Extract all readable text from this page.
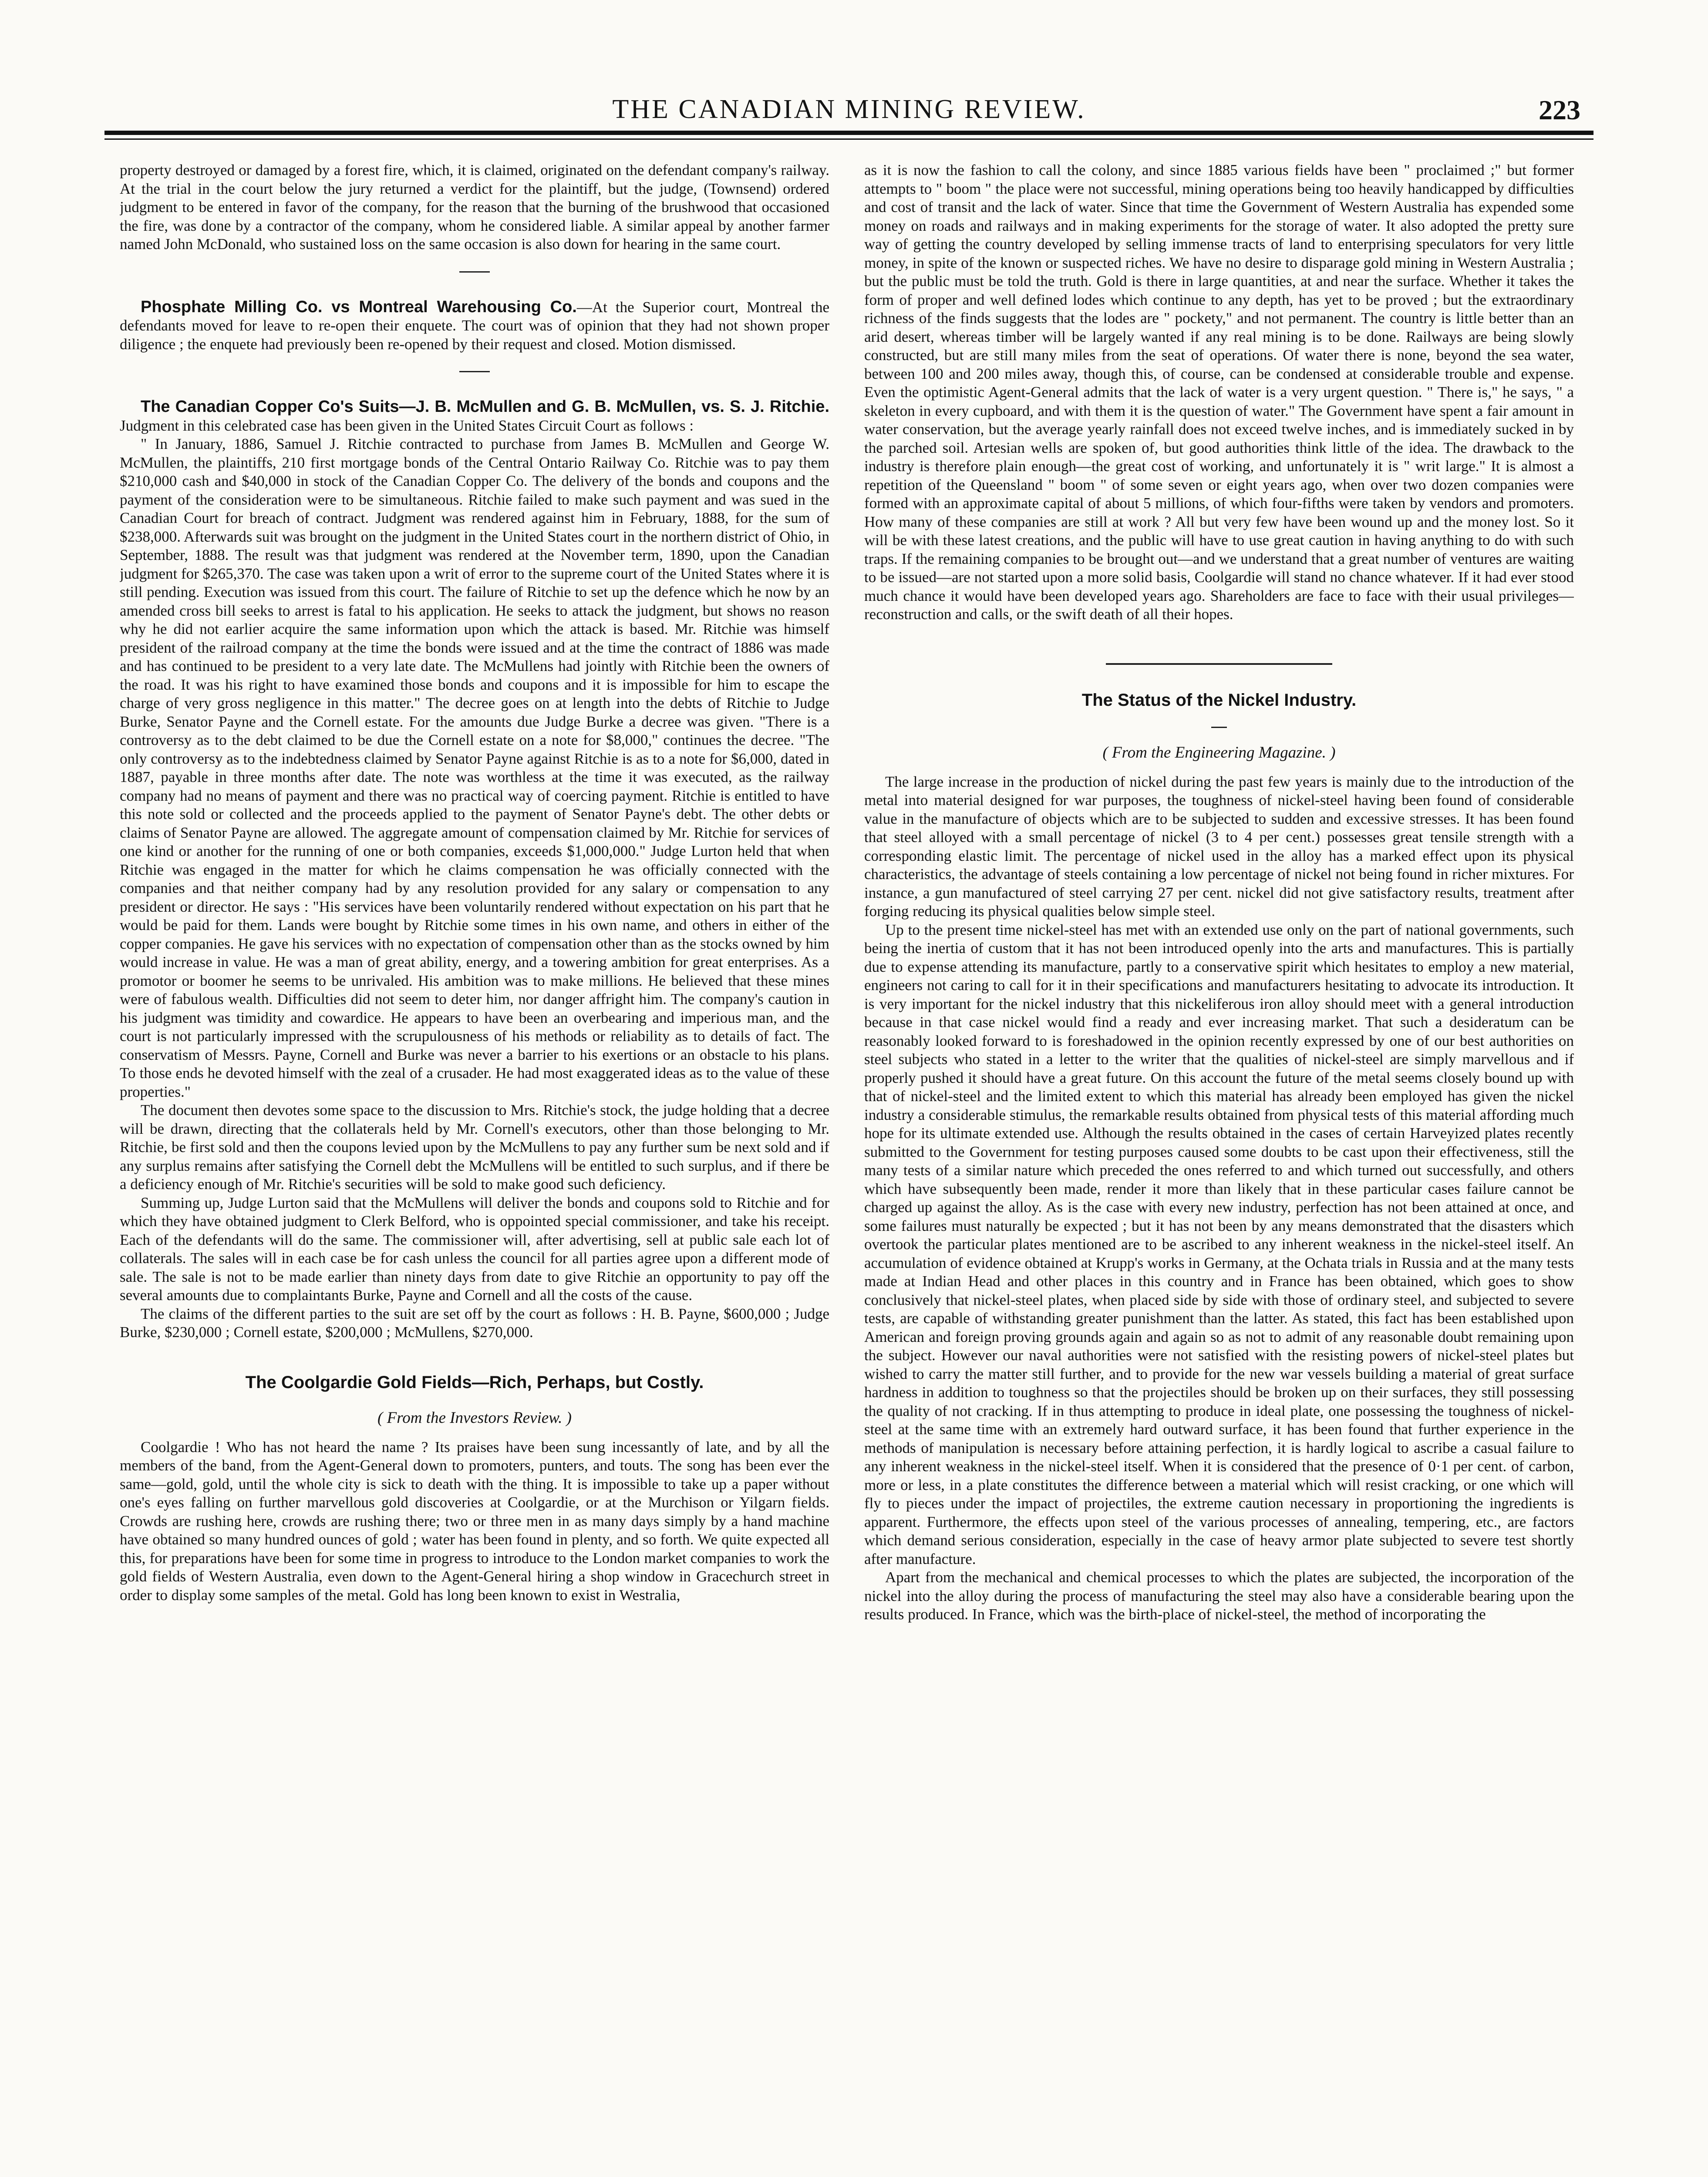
THE CANADIAN MINING REVIEW.	223

property destroyed or damaged by a forest fire, which, it is claimed, originated on the defendant company's railway. At the trial in the court below the jury returned a verdict for the plaintiff, but the judge, (Townsend) ordered judgment to be entered in favor of the company, for the reason that the burning of the brushwood that occasioned the fire, was done by a contractor of the company, whom he considered liable. A similar appeal by another farmer named John McDonald, who sustained loss on the same occasion is also down for hearing in the same court.

Phosphate Milling Co. vs Montreal Warehousing Co.—At the Superior court, Montreal the defendants moved for leave to re-open their enquete. The court was of opinion that they had not shown proper diligence ; the enquete had previously been re-opened by their request and closed. Motion dismissed.

The Canadian Copper Co's Suits—J. B. McMullen and G. B. McMullen, vs. S. J. Ritchie. Judgment in this celebrated case has been given in the United States Circuit Court as follows :

" In January, 1886, Samuel J. Ritchie contracted to purchase from James B. McMullen and George W. McMullen, the plaintiffs, 210 first mortgage bonds of the Central Ontario Railway Co. Ritchie was to pay them $210,000 cash and $40,000 in stock of the Canadian Copper Co. The delivery of the bonds and coupons and the payment of the consideration were to be simultaneous. Ritchie failed to make such payment and was sued in the Canadian Court for breach of contract. Judgment was rendered against him in February, 1888, for the sum of $238,000. Afterwards suit was brought on the judgment in the United States court in the northern district of Ohio, in September, 1888. The result was that judgment was rendered at the November term, 1890, upon the Canadian judgment for $265,370. The case was taken upon a writ of error to the supreme court of the United States where it is still pending. Execution was issued from this court. The failure of Ritchie to set up the defence which he now by an amended cross bill seeks to arrest is fatal to his application. He seeks to attack the judgment, but shows no reason why he did not earlier acquire the same information upon which the attack is based. Mr. Ritchie was himself president of the railroad company at the time the bonds were issued and at the time the contract of 1886 was made and has continued to be president to a very late date. The McMullens had jointly with Ritchie been the owners of the road. It was his right to have examined those bonds and coupons and it is impossible for him to escape the charge of very gross negligence in this matter." The decree goes on at length into the debts of Ritchie to Judge Burke, Senator Payne and the Cornell estate. For the amounts due Judge Burke a decree was given. "There is a controversy as to the debt claimed to be due the Cornell estate on a note for $8,000," continues the decree. "The only controversy as to the indebtedness claimed by Senator Payne against Ritchie is as to a note for $6,000, dated in 1887, payable in three months after date. The note was worthless at the time it was executed, as the railway company had no means of payment and there was no practical way of coercing payment. Ritchie is entitled to have this note sold or collected and the proceeds applied to the payment of Senator Payne's debt. The other debts or claims of Senator Payne are allowed. The aggregate amount of compensation claimed by Mr. Ritchie for services of one kind or another for the running of one or both companies, exceeds $1,000,000." Judge Lurton held that when Ritchie was engaged in the matter for which he claims compensation he was officially connected with the companies and that neither company had by any resolution provided for any salary or compensation to any president or director. He says : "His services have been voluntarily rendered without expectation on his part that he would be paid for them. Lands were bought by Ritchie some times in his own name, and others in either of the copper companies. He gave his services with no expectation of compensation other than as the stocks owned by him would increase in value. He was a man of great ability, energy, and a towering ambition for great enterprises. As a promotor or boomer he seems to be unrivaled. His ambition was to make millions. He believed that these mines were of fabulous wealth. Difficulties did not seem to deter him, nor danger affright him. The company's caution in his judgment was timidity and cowardice. He appears to have been an overbearing and imperious man, and the court is not particularly impressed with the scrupulousness of his methods or reliability as to details of fact. The conservatism of Messrs. Payne, Cornell and Burke was never a barrier to his exertions or an obstacle to his plans. To those ends he devoted himself with the zeal of a crusader. He had most exaggerated ideas as to the value of these properties."

The document then devotes some space to the discussion to Mrs. Ritchie's stock, the judge holding that a decree will be drawn, directing that the collaterals held by Mr. Cornell's executors, other than those belonging to Mr. Ritchie, be first sold and then the coupons levied upon by the McMullens to pay any further sum be next sold and if any surplus remains after satisfying the Cornell debt the McMullens will be entitled to such surplus, and if there be a deficiency enough of Mr. Ritchie's securities will be sold to make good such deficiency.

Summing up, Judge Lurton said that the McMullens will deliver the bonds and coupons sold to Ritchie and for which they have obtained judgment to Clerk Belford, who is oppointed special commissioner, and take his receipt. Each of the defendants will do the same. The commissioner will, after advertising, sell at public sale each lot of collaterals. The sales will in each case be for cash unless the council for all parties agree upon a different mode of sale. The sale is not to be made earlier than ninety days from date to give Ritchie an opportunity to pay off the several amounts due to complaintants Burke, Payne and Cornell and all the costs of the cause.

The claims of the different parties to the suit are set off by the court as follows : H. B. Payne, $600,000 ; Judge Burke, $230,000 ; Cornell estate, $200,000 ; McMullens, $270,000.

The Coolgardie Gold Fields—Rich, Perhaps, but Costly.
( From the Investors Review. )

Coolgardie ! Who has not heard the name ? Its praises have been sung incessantly of late, and by all the members of the band, from the Agent-General down to promoters, punters, and touts. The song has been ever the same—gold, gold, until the whole city is sick to death with the thing. It is impossible to take up a paper without one's eyes falling on further marvellous gold discoveries at Coolgardie, or at the Murchison or Yilgarn fields. Crowds are rushing here, crowds are rushing there; two or three men in as many days simply by a hand machine have obtained so many hundred ounces of gold ; water has been found in plenty, and so forth. We quite expected all this, for preparations have been for some time in progress to introduce to the London market companies to work the gold fields of Western Australia, even down to the Agent-General hiring a shop window in Gracechurch street in order to display some samples of the metal. Gold has long been known to exist in Westralia,

as it is now the fashion to call the colony, and since 1885 various fields have been " proclaimed ;" but former attempts to " boom " the place were not successful, mining operations being too heavily handicapped by difficulties and cost of transit and the lack of water. Since that time the Government of Western Australia has expended some money on roads and railways and in making experiments for the storage of water. It also adopted the pretty sure way of getting the country developed by selling immense tracts of land to enterprising speculators for very little money, in spite of the known or suspected riches. We have no desire to disparage gold mining in Western Australia ; but the public must be told the truth. Gold is there in large quantities, at and near the surface. Whether it takes the form of proper and well defined lodes which continue to any depth, has yet to be proved ; but the extraordinary richness of the finds suggests that the lodes are " pockety," and not permanent. The country is little better than an arid desert, whereas timber will be largely wanted if any real mining is to be done. Railways are being slowly constructed, but are still many miles from the seat of operations. Of water there is none, beyond the sea water, between 100 and 200 miles away, though this, of course, can be condensed at considerable trouble and expense. Even the optimistic Agent-General admits that the lack of water is a very urgent question. " There is," he says, " a skeleton in every cupboard, and with them it is the question of water." The Government have spent a fair amount in water conservation, but the average yearly rainfall does not exceed twelve inches, and is immediately sucked in by the parched soil. Artesian wells are spoken of, but good authorities think little of the idea. The drawback to the industry is therefore plain enough—the great cost of working, and unfortunately it is " writ large." It is almost a repetition of the Queensland " boom " of some seven or eight years ago, when over two dozen companies were formed with an approximate capital of about 5 millions, of which four-fifths were taken by vendors and promoters. How many of these companies are still at work ? All but very few have been wound up and the money lost. So it will be with these latest creations, and the public will have to use great caution in having anything to do with such traps. If the remaining companies to be brought out—and we understand that a great number of ventures are waiting to be issued—are not started upon a more solid basis, Coolgardie will stand no chance whatever. If it had ever stood much chance it would have been developed years ago. Shareholders are face to face with their usual privileges—reconstruction and calls, or the swift death of all their hopes.

The Status of the Nickel Industry.
( From the Engineering Magazine. )

The large increase in the production of nickel during the past few years is mainly due to the introduction of the metal into material designed for war purposes, the toughness of nickel-steel having been found of considerable value in the manufacture of objects which are to be subjected to sudden and excessive stresses. It has been found that steel alloyed with a small percentage of nickel (3 to 4 per cent.) possesses great tensile strength with a corresponding elastic limit. The percentage of nickel used in the alloy has a marked effect upon its physical characteristics, the advantage of steels containing a low percentage of nickel not being found in richer mixtures. For instance, a gun manufactured of steel carrying 27 per cent. nickel did not give satisfactory results, treatment after forging reducing its physical qualities below simple steel.

Up to the present time nickel-steel has met with an extended use only on the part of national governments, such being the inertia of custom that it has not been introduced openly into the arts and manufactures. This is partially due to expense attending its manufacture, partly to a conservative spirit which hesitates to employ a new material, engineers not caring to call for it in their specifications and manufacturers hesitating to advocate its introduction. It is very important for the nickel industry that this nickeliferous iron alloy should meet with a general introduction because in that case nickel would find a ready and ever increasing market. That such a desideratum can be reasonably looked forward to is foreshadowed in the opinion recently expressed by one of our best authorities on steel subjects who stated in a letter to the writer that the qualities of nickel-steel are simply marvellous and if properly pushed it should have a great future. On this account the future of the metal seems closely bound up with that of nickel-steel and the limited extent to which this material has already been employed has given the nickel industry a considerable stimulus, the remarkable results obtained from physical tests of this material affording much hope for its ultimate extended use. Although the results obtained in the cases of certain Harveyized plates recently submitted to the Government for testing purposes caused some doubts to be cast upon their effectiveness, still the many tests of a similar nature which preceded the ones referred to and which turned out successfully, and others which have subsequently been made, render it more than likely that in these particular cases failure cannot be charged up against the alloy. As is the case with every new industry, perfection has not been attained at once, and some failures must naturally be expected ; but it has not been by any means demonstrated that the disasters which overtook the particular plates mentioned are to be ascribed to any inherent weakness in the nickel-steel itself. An accumulation of evidence obtained at Krupp's works in Germany, at the Ochata trials in Russia and at the many tests made at Indian Head and other places in this country and in France has been obtained, which goes to show conclusively that nickel-steel plates, when placed side by side with those of ordinary steel, and subjected to severe tests, are capable of withstanding greater punishment than the latter. As stated, this fact has been established upon American and foreign proving grounds again and again so as not to admit of any reasonable doubt remaining upon the subject. However our naval authorities were not satisfied with the resisting powers of nickel-steel plates but wished to carry the matter still further, and to provide for the new war vessels building a material of great surface hardness in addition to toughness so that the projectiles should be broken up on their surfaces, they still possessing the quality of not cracking. If in thus attempting to produce in ideal plate, one possessing the toughness of nickel-steel at the same time with an extremely hard outward surface, it has been found that further experience in the methods of manipulation is necessary before attaining perfection, it is hardly logical to ascribe a casual failure to any inherent weakness in the nickel-steel itself. When it is considered that the presence of 0·1 per cent. of carbon, more or less, in a plate constitutes the difference between a material which will resist cracking, or one which will fly to pieces under the impact of projectiles, the extreme caution necessary in proportioning the ingredients is apparent. Furthermore, the effects upon steel of the various processes of annealing, tempering, etc., are factors which demand serious consideration, especially in the case of heavy armor plate subjected to severe test shortly after manufacture.

Apart from the mechanical and chemical processes to which the plates are subjected, the incorporation of the nickel into the alloy during the process of manufacturing the steel may also have a considerable bearing upon the results produced. In France, which was the birth-place of nickel-steel, the method of incorporating the
